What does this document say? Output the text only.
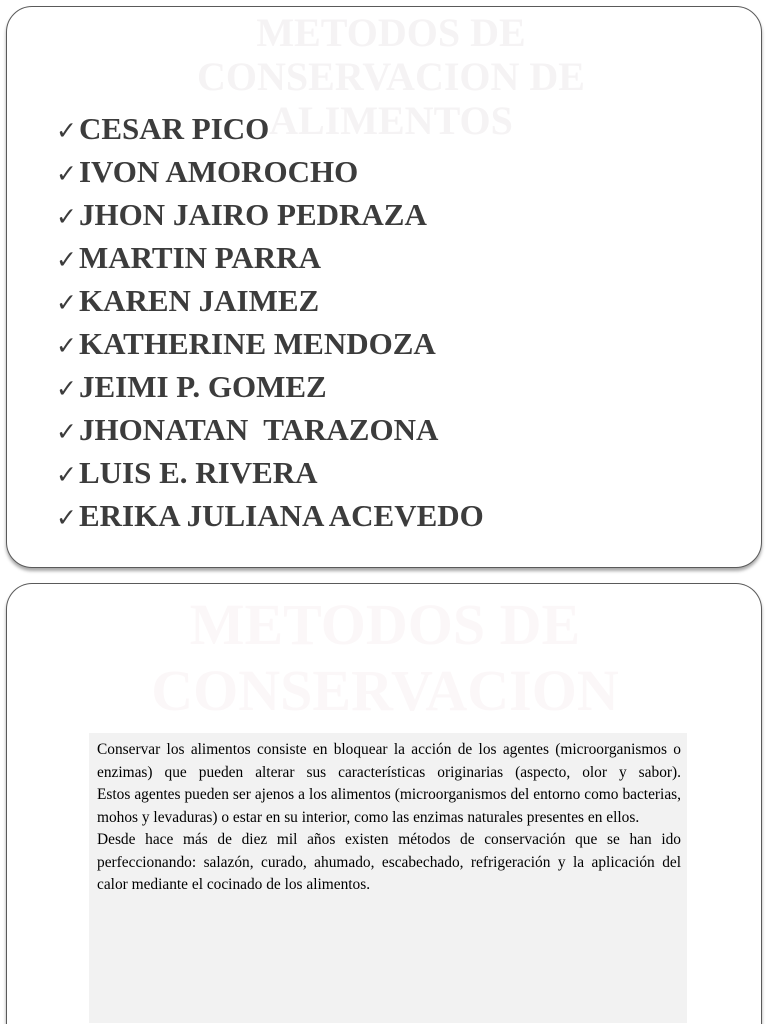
METODOS DE CONSERVACION DE ALIMENTOS
✓CESAR PICO
✓IVON AMOROCHO
✓JHON JAIRO PEDRAZA
✓MARTIN PARRA
✓KAREN JAIMEZ
✓KATHERINE MENDOZA
✓JEIMI P. GOMEZ
✓JHONATAN  TARAZONA
✓LUIS E. RIVERA
✓ERIKA JULIANA ACEVEDO
METODOS DE CONSERVACION

Conservar los alimentos consiste en bloquear la acción de los agentes (microorganismos o enzimas) que pueden alterar sus características originarias (aspecto, olor y sabor).

Estos agentes pueden ser ajenos a los alimentos (microorganismos del entorno como bacterias, mohos y levaduras) o estar en su interior, como las enzimas naturales presentes en ellos.

Desde hace más de diez mil años existen métodos de conservación que se han ido perfeccionando: salazón, curado, ahumado, escabechado, refrigeración y la aplicación del calor mediante el cocinado de los alimentos.
